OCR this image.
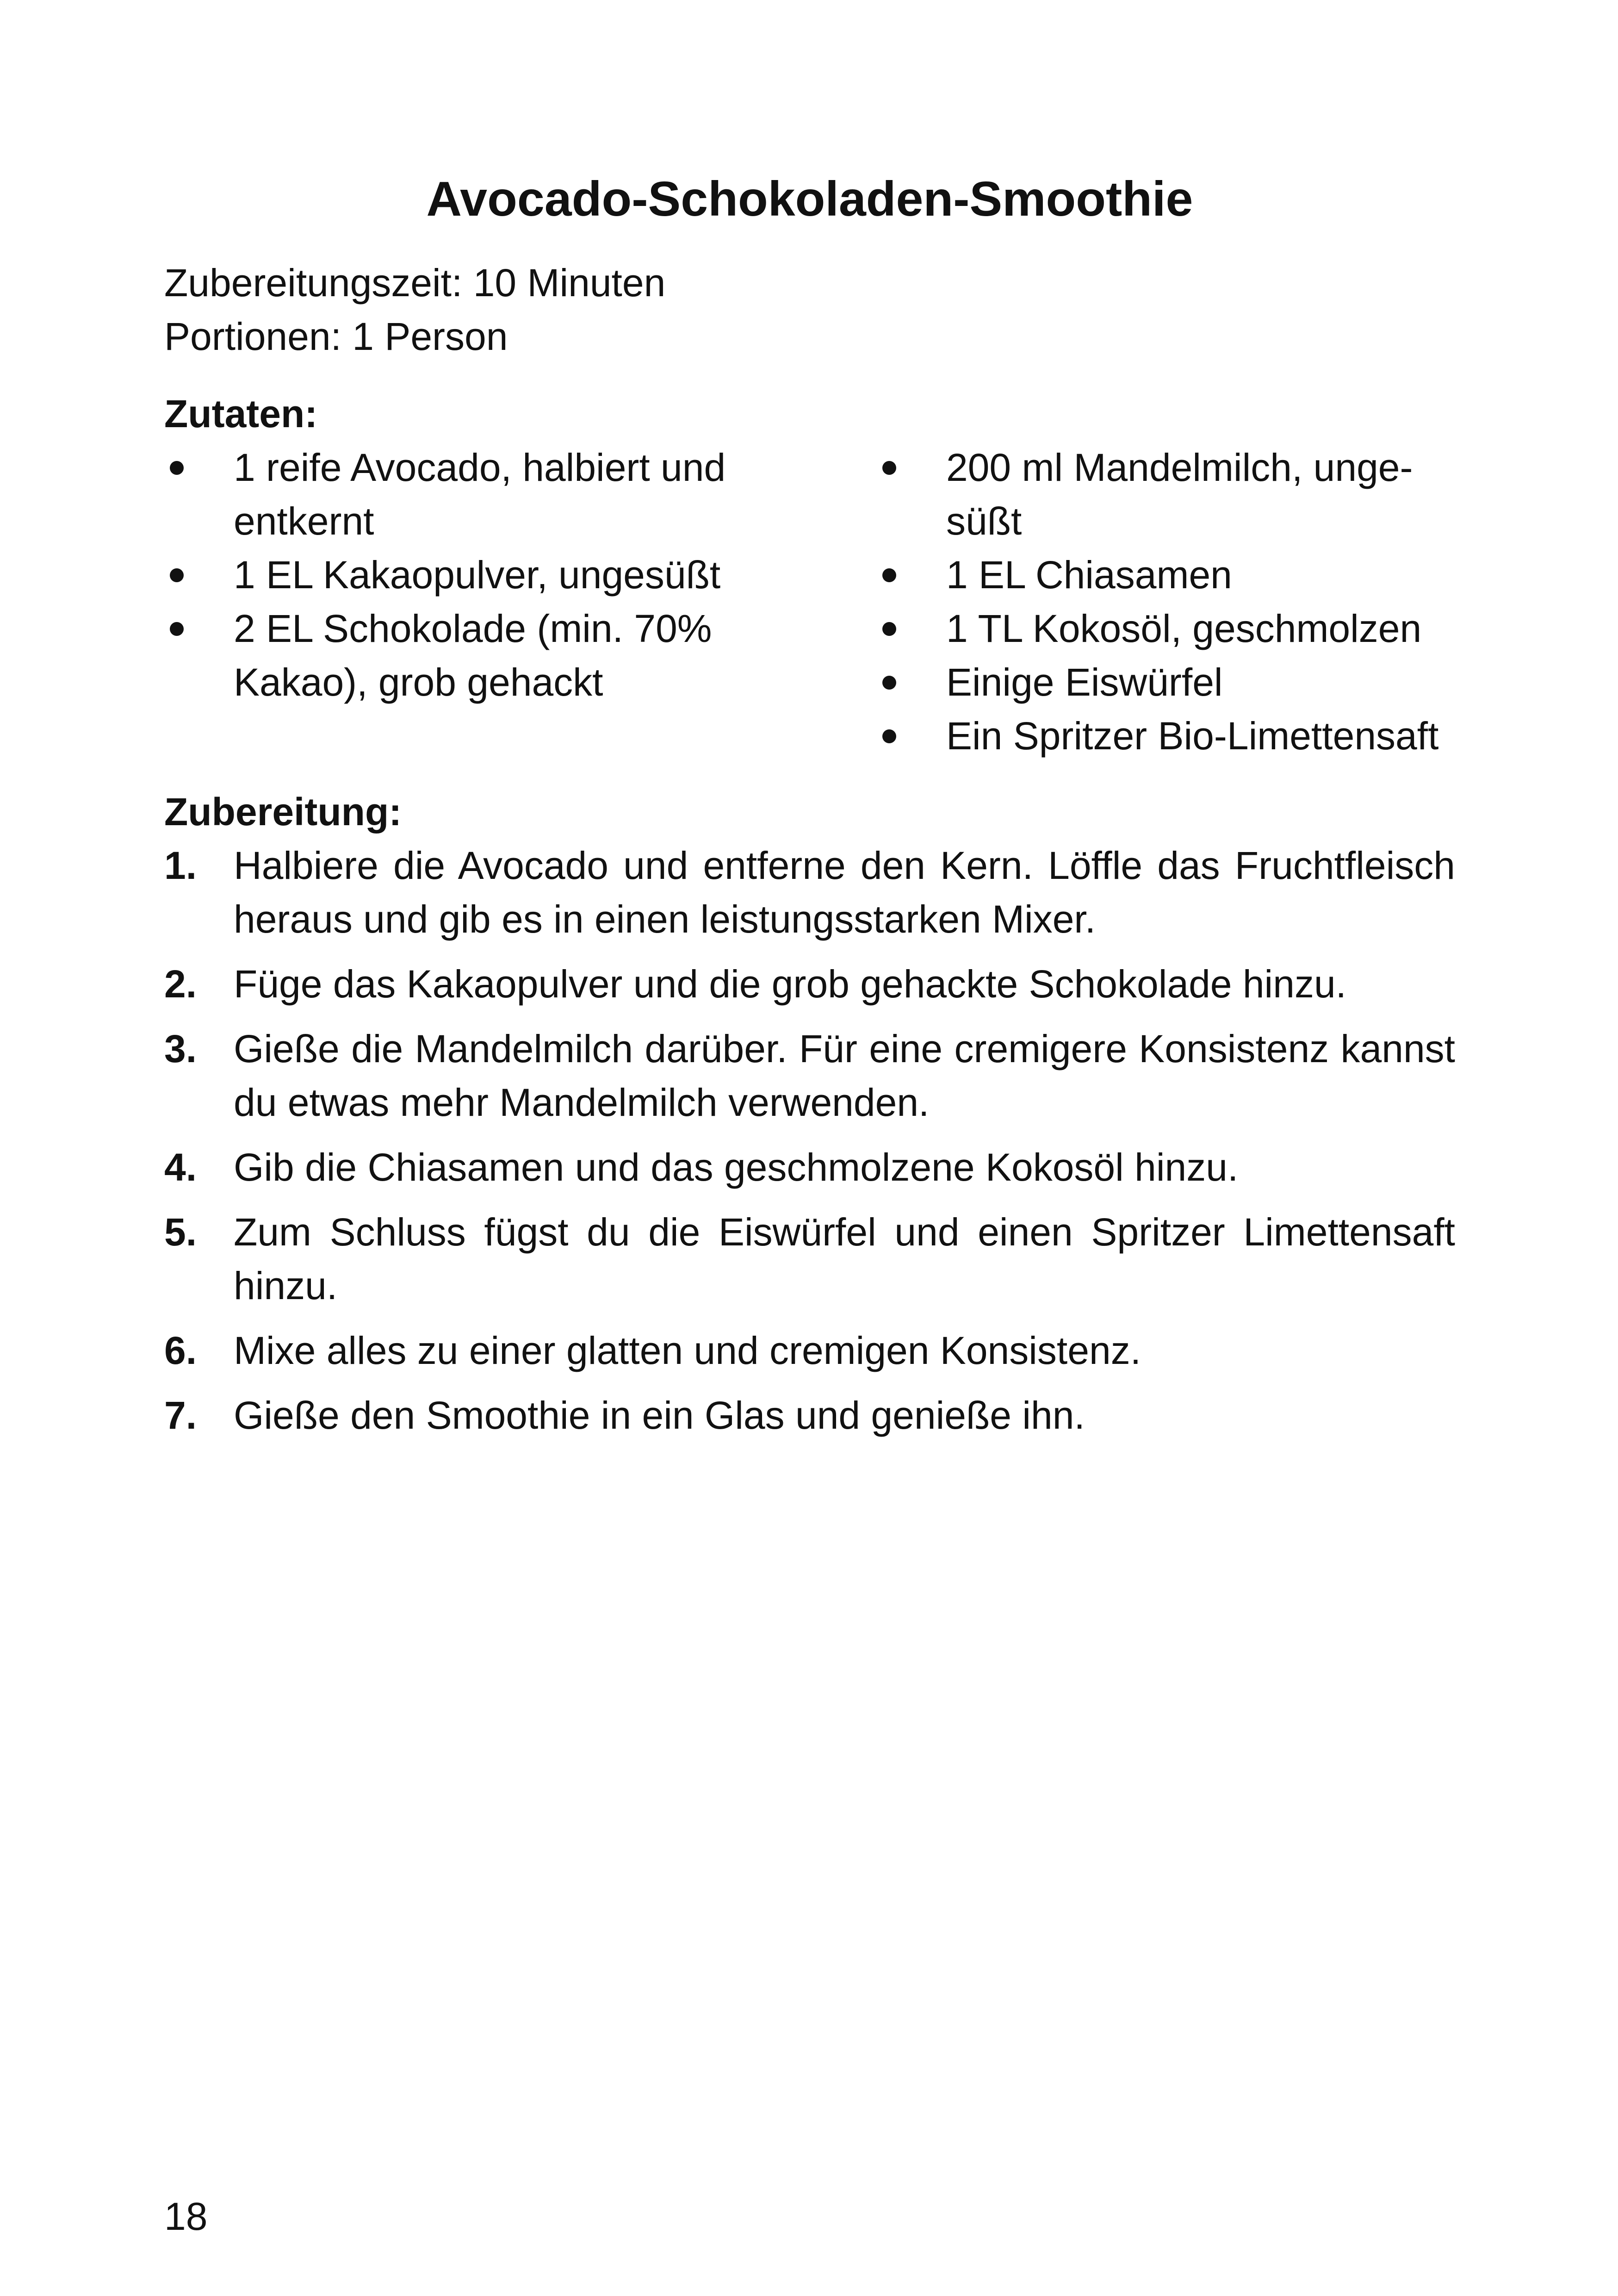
Avocado-Schokoladen-Smoothie
Zubereitungszeit: 10 Minuten
Portionen: 1 Person
Zutaten:
1 reife Avocado, halbiert und entkernt
1 EL Kakaopulver, ungesüßt
2 EL Schokolade (min. 70% Kakao), grob gehackt
200 ml Mandelmilch, unge-süßt
1 EL Chiasamen
1 TL Kokosöl, geschmolzen
Einige Eiswürfel
Ein Spritzer Bio-Limettensaft
Zubereitung:
1. Halbiere die Avocado und entferne den Kern. Löffle das Fruchtfleisch heraus und gib es in einen leistungsstarken Mixer.
2. Füge das Kakaopulver und die grob gehackte Schokolade hinzu.
3. Gieße die Mandelmilch darüber. Für eine cremigere Konsistenz kannst du etwas mehr Mandelmilch verwenden.
4. Gib die Chiasamen und das geschmolzene Kokosöl hinzu.
5. Zum Schluss fügst du die Eiswürfel und einen Spritzer Limettensaft hinzu.
6. Mixe alles zu einer glatten und cremigen Konsistenz.
7. Gieße den Smoothie in ein Glas und genieße ihn.
18
